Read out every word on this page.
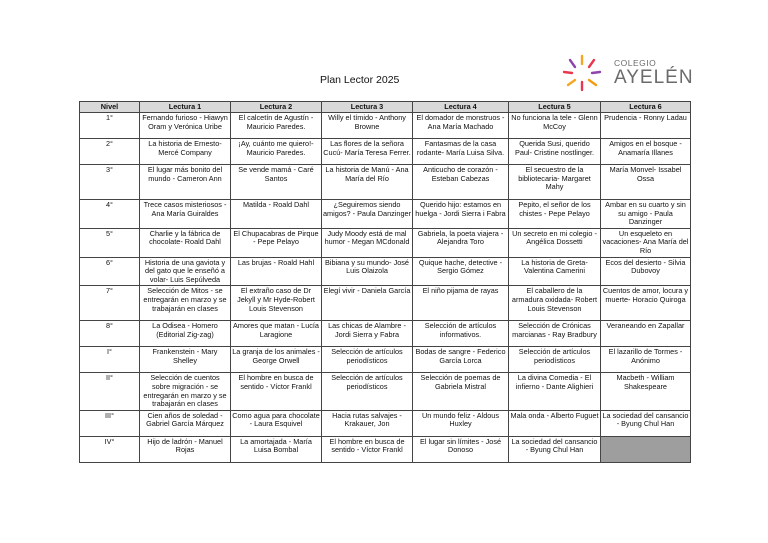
Plan Lector 2025
COLEGIO
AYELÉN
Nivel	Lectura 1	Lectura 2	Lectura 3	Lectura 4	Lectura 5	Lectura 6
1°	Fernando furioso - Hiawyn Oram y Verónica Uribe	El calcetín de Agustín - Mauricio Paredes.	Willy el tímido - Anthony Browne	El domador de monstruos - Ana María Machado	No funciona la tele - Glenn McCoy	Prudencia - Ronny Ladau
2°	La historia de Ernesto- Mercé Company	¡Ay, cuánto me quiero!- Mauricio Paredes.	Las flores de la señora Cucú- María Teresa Ferrer.	Fantasmas de la casa rodante- María Luisa Silva.	Querida Susi, querido Paul- Cristine nostlinger.	Amigos en el bosque - Anamaría Illanes
3°	El lugar más bonito del mundo - Cameron Ann	Se vende mamá - Caré Santos	La historia de Manú - Ana María del Río	Anticucho de corazón - Esteban Cabezas	El secuestro de la bibliotecaria- Margaret Mahy	María Monvel- Issabel Ossa
4°	Trece casos misteriosos - Ana María Guiraldes	Matilda - Roald Dahl	¿Seguiremos siendo amigos? - Paula Danzinger	Querido hijo: estamos en huelga - Jordi Sierra i Fabra	Pepito, el señor de los chistes - Pepe Pelayo	Ambar en su cuarto y sin su amigo - Paula Danzinger
5°	Charlie y la fábrica de chocolate- Roald Dahl	El Chupacabras de Pirque - Pepe Pelayo	Judy Moody está de mal humor - Megan MCdonald	Gabriela, la poeta viajera - Alejandra Toro	Un secreto en mi colegio - Angélica Dossetti	Un esqueleto en vacaciones- Ana María del Río
6°	Historia de una gaviota y del gato que le enseñó a volar- Luis Sepúlveda	Las brujas - Roald Hahl	Bibiana y su mundo- José Luis Olaizola	Quique hache, detective - Sergio Gómez	La historia de Greta- Valentina Camerini	Ecos del desierto - Silvia Dubovoy
7°	Selección de Mitos - se entregarán en marzo y se trabajarán en clases	El extraño caso de Dr Jekyll y Mr Hyde-Robert Louis Stevenson	Elegí vivir - Daniela García	El niño pijama de rayas	El caballero de la armadura oxidada- Robert Louis Stevenson	Cuentos de amor, locura y muerte- Horacio Quiroga
8°	La Odisea - Homero (Editorial Zig-zag)	Amores que matan - Lucía Laragione	Las chicas de Alambre - Jordi Sierra y Fabra	Selección de artículos informativos.	Selección de Crónicas marcianas - Ray Bradbury	Veraneando en Zapallar
I°	Frankenstein - Mary Shelley	La granja de los animales - George Orwell	Selección de artículos periodísticos	Bodas de sangre - Federico García Lorca	Selección de artículos periodísticos	El lazarillo de Tormes - Anónimo
II°	Selección de cuentos sobre migración - se entregarán en marzo y se trabajarán en clases	El hombre en busca de sentido - Víctor Frankl	Selección de artículos periodísticos	Selección de poemas de Gabriela Mistral	La divina Comedia - El infierno - Dante Alighieri	Macbeth - William Shakespeare
III°	Cien años de soledad - Gabriel García Márquez	Como agua para chocolate - Laura Esquivel	Hacia rutas salvajes - Krakauer, Jon	Un mundo feliz - Aldous Huxley	Mala onda - Alberto Fuguet	La sociedad del cansancio - Byung Chul Han
IV°	Hijo de ladrón - Manuel Rojas	La amortajada - María Luisa Bombal	El hombre en busca de sentido - Víctor Frankl	El lugar sin límites - José Donoso	La sociedad del cansancio - Byung Chul Han	
